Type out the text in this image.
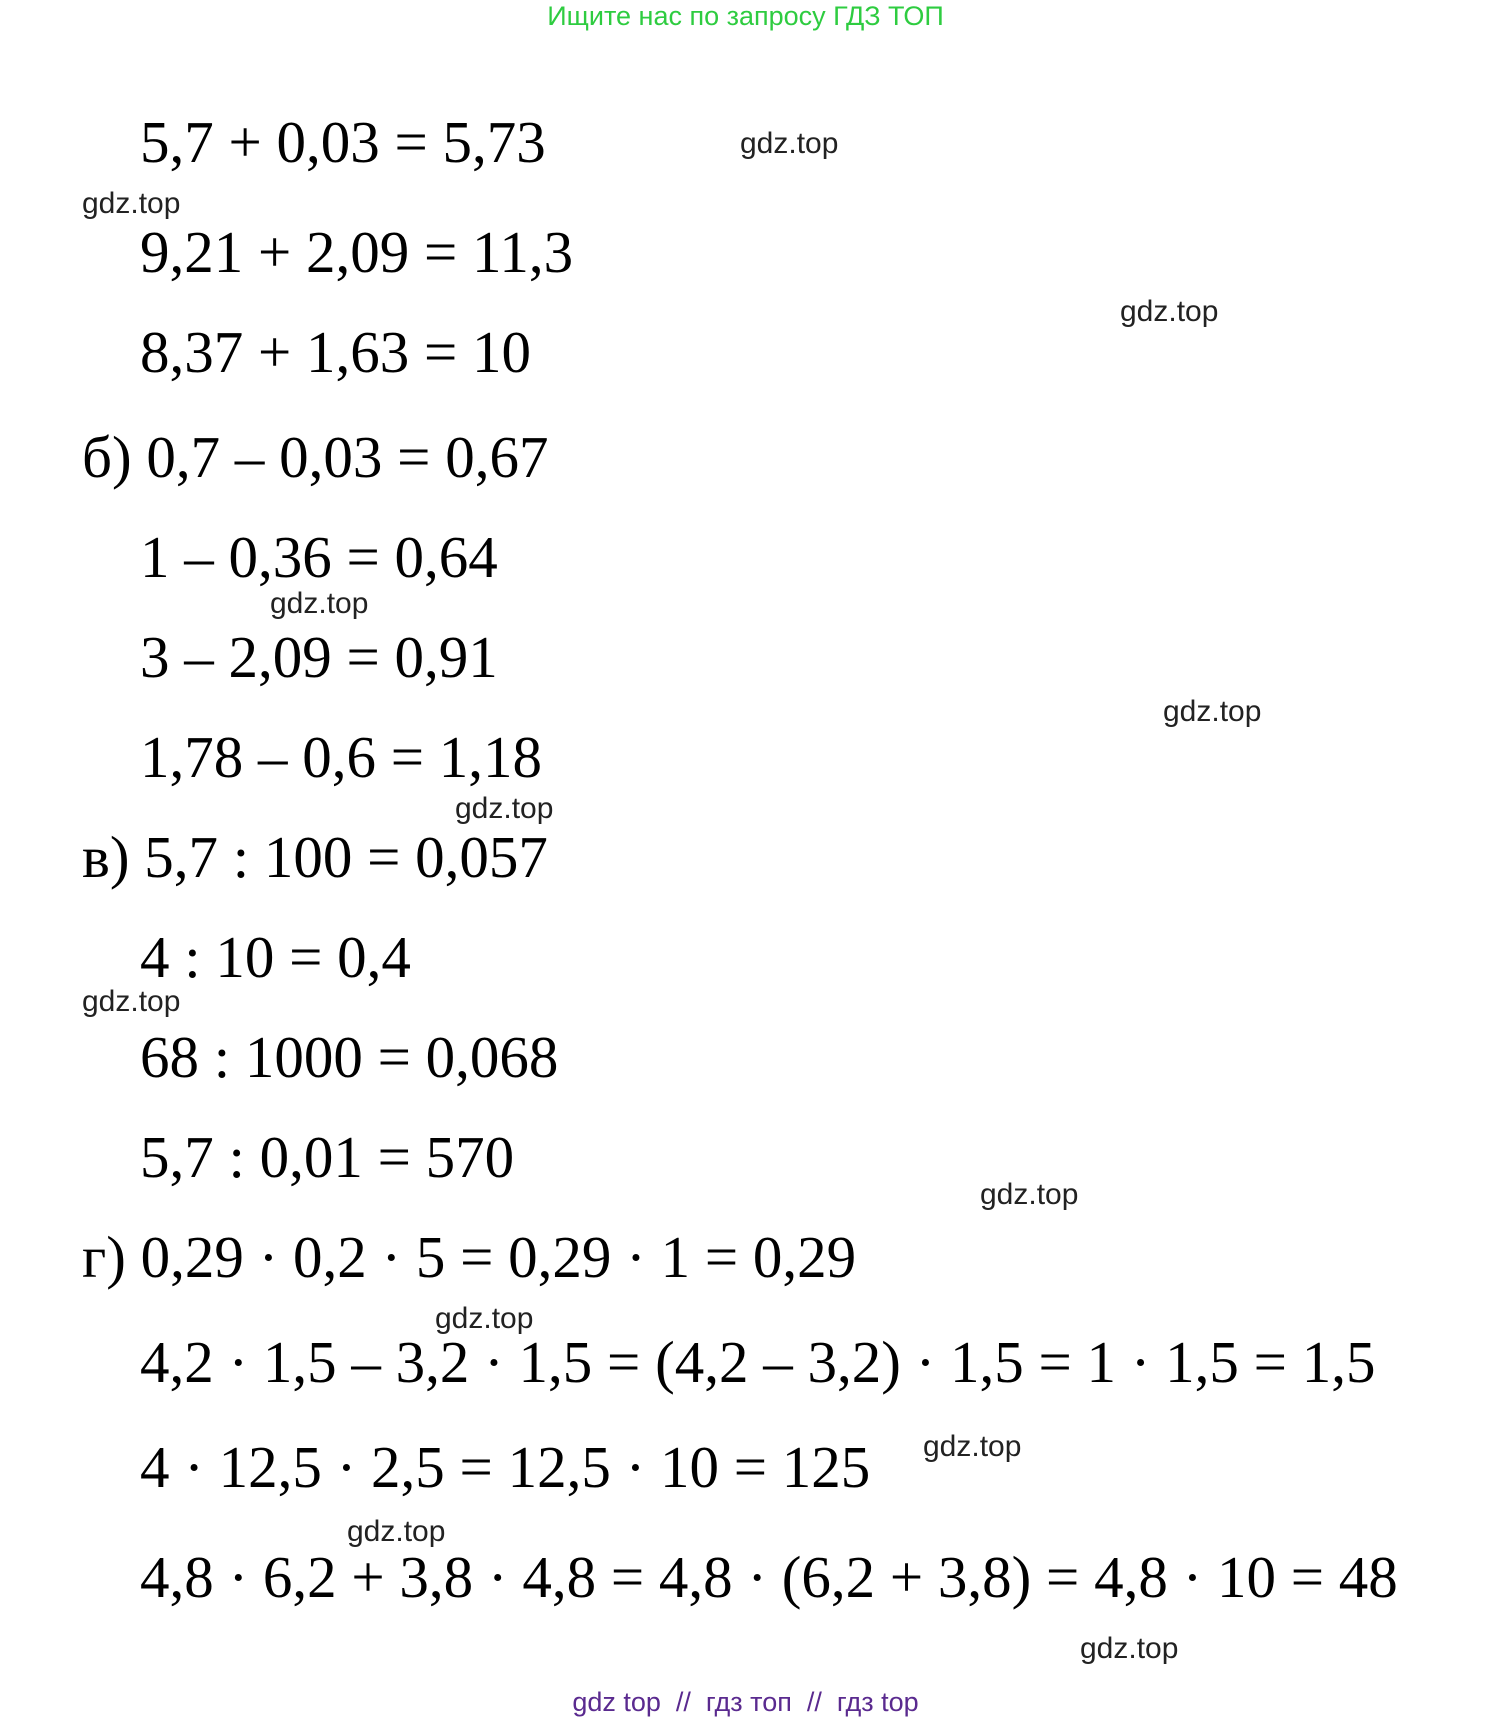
Ищите нас по запросу ГДЗ ТОП
5,7 + 0,03 = 5,73
9,21 + 2,09 = 11,3
8,37 + 1,63 = 10
б) 0,7 – 0,03 = 0,67
1 – 0,36 = 0,64
3 – 2,09 = 0,91
1,78 – 0,6 = 1,18
в) 5,7 : 100 = 0,057
4 : 10 = 0,4
68 : 1000 = 0,068
5,7 : 0,01 = 570
г) 0,29 · 0,2 · 5 = 0,29 · 1 = 0,29
4,2 · 1,5 – 3,2 · 1,5 = (4,2 – 3,2) · 1,5 = 1 · 1,5 = 1,5
4 · 12,5 · 2,5 = 12,5 · 10 = 125
4,8 · 6,2 + 3,8 · 4,8 = 4,8 · (6,2 + 3,8) = 4,8 · 10 = 48
gdz.top
gdz.top
gdz.top
gdz.top
gdz.top
gdz.top
gdz.top
gdz.top
gdz.top
gdz.top
gdz.top
gdz.top
gdz top  //  гдз топ  //  гдз top
